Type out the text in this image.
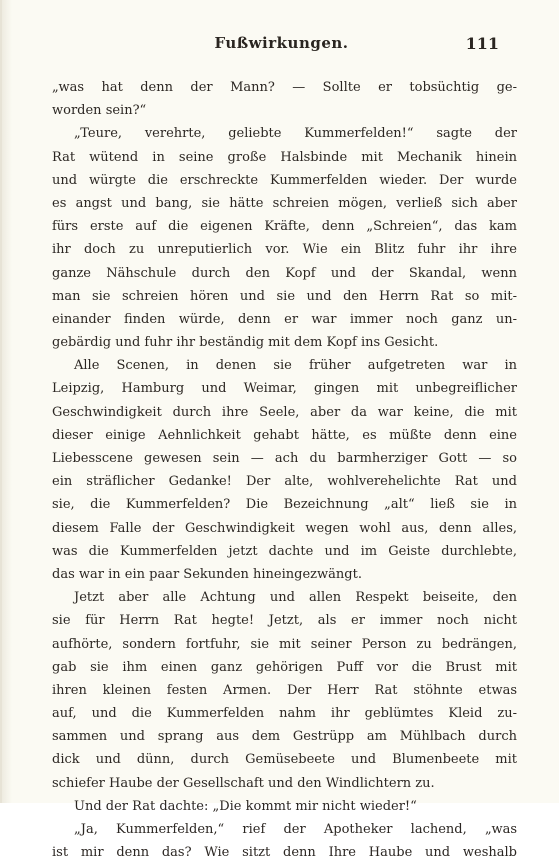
Fußwirkungen.	111
„was hat denn der Mann? — Sollte er tobsüchtig ge-
worden sein?“
„Teure, verehrte, geliebte Kummerfelden!“ sagte der
Rat wütend in seine große Halsbinde mit Mechanik hinein
und würgte die erschreckte Kummerfelden wieder. Der wurde
es angst und bang, sie hätte schreien mögen, verließ sich aber
fürs erste auf die eigenen Kräfte, denn „Schreien“, das kam
ihr doch zu unreputierlich vor. Wie ein Blitz fuhr ihr ihre
ganze Nähschule durch den Kopf und der Skandal, wenn
man sie schreien hören und sie und den Herrn Rat so mit-
einander finden würde, denn er war immer noch ganz un-
gebärdig und fuhr ihr beständig mit dem Kopf ins Gesicht.
Alle Scenen, in denen sie früher aufgetreten war in
Leipzig, Hamburg und Weimar, gingen mit unbegreiflicher
Geschwindigkeit durch ihre Seele, aber da war keine, die mit
dieser einige Aehnlichkeit gehabt hätte, es müßte denn eine
Liebesscene gewesen sein — ach du barmherziger Gott — so
ein sträflicher Gedanke! Der alte, wohlverehelichte Rat und
sie, die Kummerfelden? Die Bezeichnung „alt“ ließ sie in
diesem Falle der Geschwindigkeit wegen wohl aus, denn alles,
was die Kummerfelden jetzt dachte und im Geiste durchlebte,
das war in ein paar Sekunden hineingezwängt.
Jetzt aber alle Achtung und allen Respekt beiseite, den
sie für Herrn Rat hegte! Jetzt, als er immer noch nicht
aufhörte, sondern fortfuhr, sie mit seiner Person zu bedrängen,
gab sie ihm einen ganz gehörigen Puff vor die Brust mit
ihren kleinen festen Armen. Der Herr Rat stöhnte etwas
auf, und die Kummerfelden nahm ihr geblümtes Kleid zu-
sammen und sprang aus dem Gestrüpp am Mühlbach durch
dick und dünn, durch Gemüsebeete und Blumenbeete mit
schiefer Haube der Gesellschaft und den Windlichtern zu.
Und der Rat dachte: „Die kommt mir nicht wieder!“
„Ja, Kummerfelden,“ rief der Apotheker lachend, „was
ist mir denn das? Wie sitzt denn Ihre Haube und weshalb
